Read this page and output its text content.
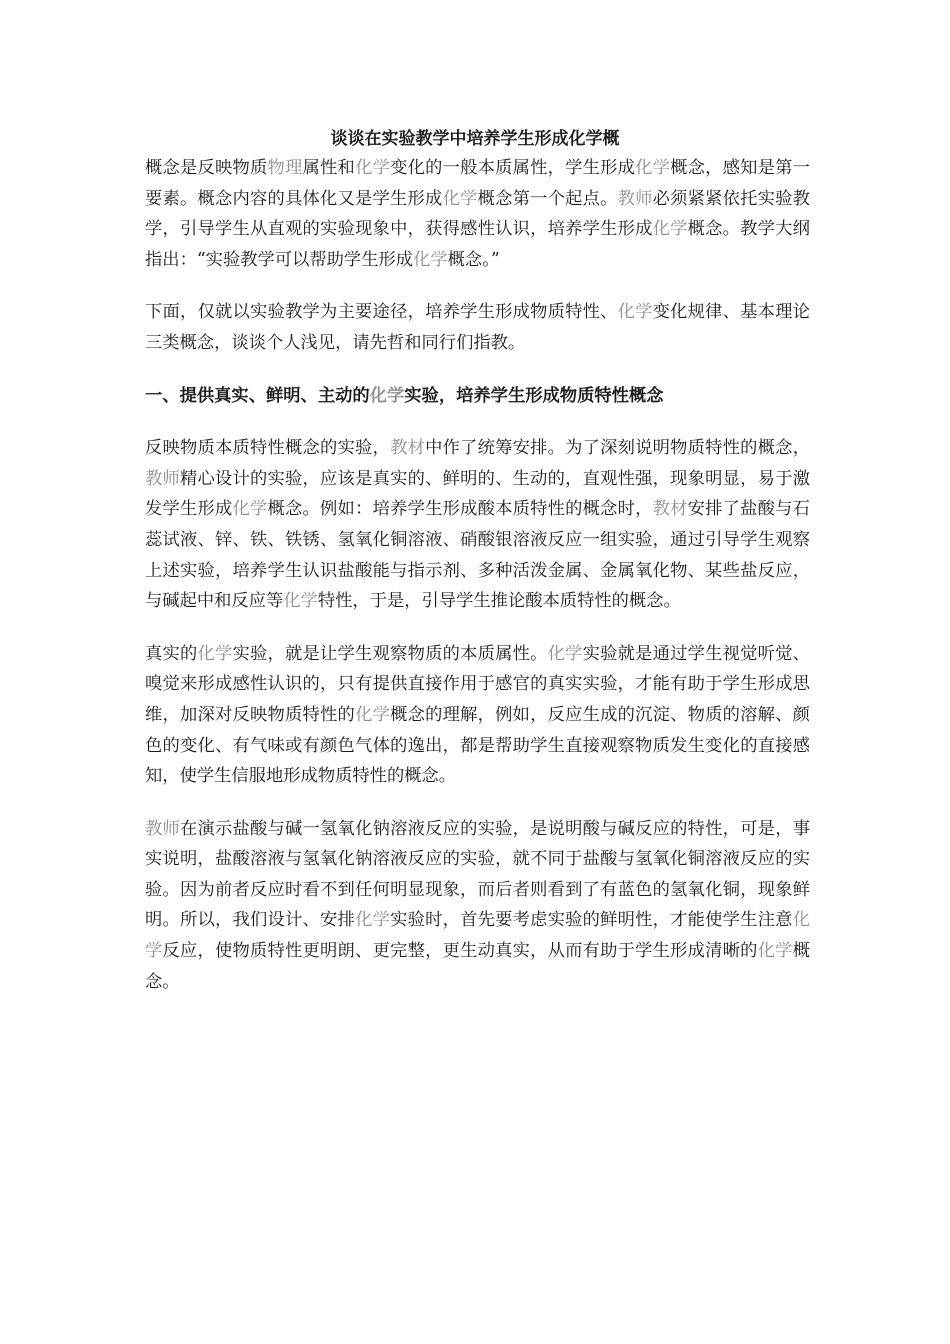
谈谈在实验教学中培养学生形成化学概

概念是反映物质物理属性和化学变化的一般本质属性，学生形成化学概念，感知是第一要素。概念内容的具体化又是学生形成化学概念第一个起点。教师必须紧紧依托实验教学，引导学生从直观的实验现象中，获得感性认识，培养学生形成化学概念。教学大纲指出：“实验教学可以帮助学生形成化学概念。”

下面，仅就以实验教学为主要途径，培养学生形成物质特性、化学变化规律、基本理论三类概念，谈谈个人浅见，请先哲和同行们指教。

一、提供真实、鲜明、主动的化学实验，培养学生形成物质特性概念

反映物质本质特性概念的实验，教材中作了统筹安排。为了深刻说明物质特性的概念，教师精心设计的实验，应该是真实的、鲜明的、生动的，直观性强，现象明显，易于激发学生形成化学概念。例如：培养学生形成酸本质特性的概念时，教材安排了盐酸与石蕊试液、锌、铁、铁锈、氢氧化铜溶液、硝酸银溶液反应一组实验，通过引导学生观察上述实验，培养学生认识盐酸能与指示剂、多种活泼金属、金属氧化物、某些盐反应，与碱起中和反应等化学特性，于是，引导学生推论酸本质特性的概念。

真实的化学实验，就是让学生观察物质的本质属性。化学实验就是通过学生视觉听觉、嗅觉来形成感性认识的，只有提供直接作用于感官的真实实验，才能有助于学生形成思维，加深对反映物质特性的化学概念的理解，例如，反应生成的沉淀、物质的溶解、颜色的变化、有气味或有颜色气体的逸出，都是帮助学生直接观察物质发生变化的直接感知，使学生信服地形成物质特性的概念。

教师在演示盐酸与碱一氢氧化钠溶液反应的实验，是说明酸与碱反应的特性，可是，事实说明，盐酸溶液与氢氧化钠溶液反应的实验，就不同于盐酸与氢氧化铜溶液反应的实验。因为前者反应时看不到任何明显现象，而后者则看到了有蓝色的氢氧化铜，现象鲜明。所以，我们设计、安排化学实验时，首先要考虑实验的鲜明性，才能使学生注意化学反应，使物质特性更明朗、更完整，更生动真实，从而有助于学生形成清晰的化学概念。
